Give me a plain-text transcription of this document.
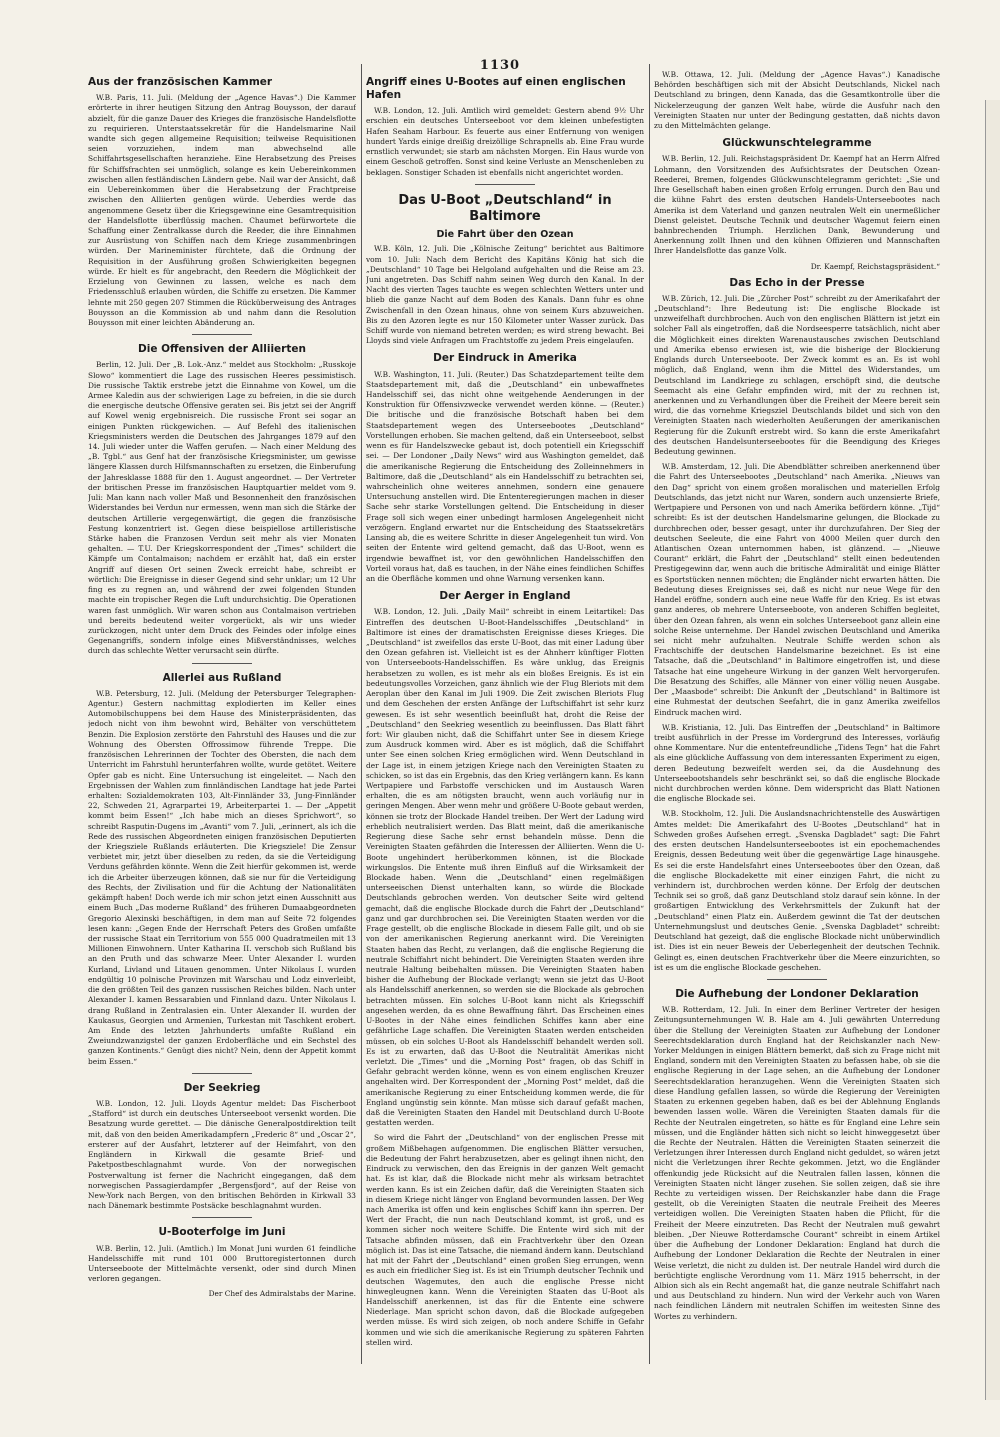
1130
Aus der französischen Kammer

W.B. Paris, 11. Juli. (Meldung der „Agence Havas“.) Die Kammer erörterte in ihrer heutigen Sitzung den Antrag Bouysson, der darauf abzielt, für die ganze Dauer des Krieges die französische Handelsflotte zu requirieren. Unterstaatssekretär für die Handelsmarine Nail wandte sich gegen allgemeine Requisition; teilweise Requisitionen seien vorzuziehen, indem man abwechselnd alle Schiffahrtsgesellschaften heranziehe. Eine Herabsetzung des Preises für Schiffsfrachten sei unmöglich, solange es kein Uebereinkommen zwischen allen festländischen Ländern gebe. Nail war der Ansicht, daß ein Uebereinkommen über die Herabsetzung der Frachtpreise zwischen den Alliierten genügen würde. Ueberdies werde das angenommene Gesetz über die Kriegsgewinne eine Gesamtrequisition der Handelsflotte überflüssig machen. Chaumet befürwortete die Schaffung einer Zentralkasse durch die Reeder, die ihre Einnahmen zur Ausrüstung von Schiffen nach dem Kriege zusammenbringen würden. Der Marineminister fürchtete, daß die Ordnung der Requisition in der Ausführung großen Schwierigkeiten begegnen würde. Er hielt es für angebracht, den Reedern die Möglichkeit der Erzielung von Gewinnen zu lassen, welche es nach dem Friedensschluß erlauben würden, die Schiffe zu ersetzen. Die Kammer lehnte mit 250 gegen 207 Stimmen die Rücküberweisung des Antrages Bouysson an die Kommission ab und nahm dann die Resolution Bouysson mit einer leichten Abänderung an.

Die Offensiven der Alliierten

Berlin, 12. Juli. Der „B. Lok.-Anz.“ meldet aus Stockholm: „Russkoje Slowo“ kommentiert die Lage des russischen Heeres pessimistisch. Die russische Taktik erstrebe jetzt die Einnahme von Kowel, um die Armee Kaledin aus der schwierigen Lage zu befreien, in die sie durch die energische deutsche Offensive geraten sei. Bis jetzt sei der Angriff auf Kowel wenig ergebnisreich. Die russische Front sei sogar an einigen Punkten rückgewichen. — Auf Befehl des italienischen Kriegsministers werden die Deutschen des Jahrganges 1879 auf den 14. Juli wieder unter die Waffen gerufen. — Nach einer Meldung des „B. Tgbl.“ aus Genf hat der französische Kriegsminister, um gewisse längere Klassen durch Hilfsmannschaften zu ersetzen, die Einberufung der Jahresklasse 1888 für den 1. August angeordnet. — Der Vertreter der britischen Presse im französischen Hauptquartier meldet vom 9. Juli: Man kann nach voller Maß und Besonnenheit den französischen Widerstandes bei Verdun nur ermessen, wenn man sich die Stärke der deutschen Artillerie vergegenwärtigt, die gegen die französische Festung konzentriert ist. Gegen diese beispiellose artilleristische Stärke haben die Franzosen Verdun seit mehr als vier Monaten gehalten. — T.U. Der Kriegskorrespondent der „Times“ schildert die Kämpfe um Contalmaison; nachdem er erzählt hat, daß ein erster Angriff auf diesen Ort seinen Zweck erreicht habe, schreibt er wörtlich: Die Ereignisse in dieser Gegend sind sehr unklar; um 12 Uhr fing es zu regnen an, und während der zwei folgenden Stunden machte ein tropischer Regen die Luft undurchsichtig. Die Operationen waren fast unmöglich. Wir waren schon aus Contalmaison vertrieben und bereits bedeutend weiter vorgerückt, als wir uns wieder zurückzogen, nicht unter dem Druck des Feindes oder infolge eines Gegenangriffs, sondern infolge eines Mißverständnisses, welches durch das schlechte Wetter verursacht sein dürfte.

Allerlei aus Rußland

W.B. Petersburg, 12. Juli. (Meldung der Petersburger Telegraphen-Agentur.) Gestern nachmittag explodierten im Keller eines Automobilschuppens bei dem Hause des Ministerpräsidenten, das jedoch nicht von ihm bewohnt wird, Behälter von verschüttetem Benzin. Die Explosion zerstörte den Fahrstuhl des Hauses und die zur Wohnung des Obersten Offrossimow führende Treppe. Die französischen Lehrerinnen der Tochter des Obersten, die nach dem Unterricht im Fahrstuhl herunterfahren wollte, wurde getötet. Weitere Opfer gab es nicht. Eine Untersuchung ist eingeleitet. — Nach den Ergebnissen der Wahlen zum finnländischen Landtage hat jede Partei erhalten: Sozialdemokraten 103, Alt-Finnländer 33, Jung-Finnländer 22, Schweden 21, Agrarpartei 19, Arbeiterpartei 1. — Der „Appetit kommt beim Essen!“ „Ich habe mich an dieses Sprichwort“, so schreibt Rasputin-Dugens im „Avanti“ vom 7. Juli, „erinnert, als ich die Rede des russischen Abgeordneten einigen französischen Deputierten der Kriegsziele Rußlands erläuterten. Die Kriegsziele! Die Zensur verbietet mir, jetzt über dieselben zu reden, da sie die Verteidigung Verduns gefährden könnte. Wenn die Zeit hierfür gekommen ist, werde ich die Arbeiter überzeugen können, daß sie nur für die Verteidigung des Rechts, der Zivilisation und für die Achtung der Nationalitäten gekämpft haben! Doch werde ich mir schon jetzt einen Ausschnitt aus einem Buch „Das moderne Rußland“ des früheren Dumaabgeordneten Gregorio Alexinski beschäftigen, in dem man auf Seite 72 folgendes lesen kann: „Gegen Ende der Herrschaft Peters des Großen umfaßte der russische Staat ein Territorium von 555 000 Quadratmeilen mit 13 Millionen Einwohnern. Unter Katharina II. verschob sich Rußland bis an den Pruth und das schwarze Meer. Unter Alexander I. wurden Kurland, Livland und Litauen genommen. Unter Nikolaus I. wurden endgültig 10 polnische Provinzen mit Warschau und Lodz einverleibt, die den größten Teil des ganzen russischen Reiches bilden. Nach unter Alexander I. kamen Bessarabien und Finnland dazu. Unter Nikolaus I. drang Rußland in Zentralasien ein. Unter Alexander II. wurden der Kaukasus, Georgien und Armenien, Turkestan mit Taschkent erobert. Am Ende des letzten Jahrhunderts umfaßte Rußland ein Zweiundzwanzigstel der ganzen Erdoberfläche und ein Sechstel des ganzen Kontinents.“ Genügt dies nicht? Nein, denn der Appetit kommt beim Essen.“

Der Seekrieg

W.B. London, 12. Juli. Lloyds Agentur meldet: Das Fischerboot „Stafford“ ist durch ein deutsches Unterseeboot versenkt worden. Die Besatzung wurde gerettet. — Die dänische Generalpostdirektion teilt mit, daß von den beiden Amerikadampfern „Frederic 8“ und „Oscar 2“, ersterer auf der Ausfahrt, letzterer auf der Heimfahrt, von den Engländern in Kirkwall die gesamte Brief- und Paketpostbeschlagnahmt wurde. Von der norwegischen Postverwaltung ist ferner die Nachricht eingegangen, daß dem norwegischen Passagierdampfer „Bergensfjord“, auf der Reise von New-York nach Bergen, von den britischen Behörden in Kirkwall 33 nach Dänemark bestimmte Postsäcke beschlagnahmt wurden.

U-Booterfolge im Juni

W.B. Berlin, 12. Juli. (Amtlich.) Im Monat Juni wurden 61 feindliche Handelsschiffe mit rund 101 000 Bruttoregistertonnen durch Unterseeboote der Mittelmächte versenkt, oder sind durch Minen verloren gegangen.

Der Chef des Admiralstabs der Marine.
Angriff eines U-Bootes auf einen englischen Hafen

W.B. London, 12. Juli. Amtlich wird gemeldet: Gestern abend 9½ Uhr erschien ein deutsches Unterseeboot vor dem kleinen unbefestigten Hafen Seaham Harbour. Es feuerte aus einer Entfernung von wenigen hundert Yards einige dreißig dreizöllige Schrapnells ab. Eine Frau wurde ernstlich verwundet; sie starb am nächsten Morgen. Ein Haus wurde von einem Geschoß getroffen. Sonst sind keine Verluste an Menschenleben zu beklagen. Sonstiger Schaden ist ebenfalls nicht angerichtet worden.

Das U-Boot „Deutschland“ in Baltimore
Die Fahrt über den Ozean

W.B. Köln, 12. Juli. Die „Kölnische Zeitung“ berichtet aus Baltimore vom 10. Juli: Nach dem Bericht des Kapitäns König hat sich die „Deutschland“ 10 Tage bei Helgoland aufgehalten und die Reise am 23. Juni angetreten. Das Schiff nahm seinen Weg durch den Kanal. In der Nacht des vierten Tages tauchte es wegen schlechten Wetters unter und blieb die ganze Nacht auf dem Boden des Kanals. Dann fuhr es ohne Zwischenfall in den Ozean hinaus, ohne von seinem Kurs abzuweichen. Bis zu den Azoren legte es nur 150 Kilometer unter Wasser zurück. Das Schiff wurde von niemand betreten werden; es wird streng bewacht. Bei Lloyds sind viele Anfragen um Frachtstoffe zu jedem Preis eingelaufen.

Der Eindruck in Amerika

W.B. Washington, 11. Juli. (Reuter.) Das Schatzdepartement teilte dem Staatsdepartement mit, daß die „Deutschland“ ein unbewaffnetes Handelsschiff sei, das nicht ohne weitgehende Aenderungen in der Konstruktion für Offensivzwecke verwendet werden könne. — (Reuter.) Die britische und die französische Botschaft haben bei dem Staatsdepartement wegen des Unterseebootes „Deutschland“ Vorstellungen erhoben. Sie machen geltend, daß ein Unterseeboot, selbst wenn es für Handelszwecke gebaut ist, doch potentiell ein Kriegsschiff sei. — Der Londoner „Daily News“ wird aus Washington gemeldet, daß die amerikanische Regierung die Entscheidung des Zolleinnehmers in Baltimore, daß die „Deutschland“ als ein Handelsschiff zu betrachten sei, wahrscheinlich ohne weiteres annehmen, sondern eine genauere Untersuchung anstellen wird. Die Ententeregierungen machen in dieser Sache sehr starke Vorstellungen geltend. Die Entscheidung in dieser Frage soll sich wegen einer unbedingt harmlosen Angelegenheit nicht verzögern. England erwartet nur die Entscheidung des Staatssekretärs Lansing ab, die es weitere Schritte in dieser Angelegenheit tun wird. Von seiten der Entente wird geltend gemacht, daß das U-Boot, wenn es irgendwie bewaffnet ist, vor den gewöhnlichen Handelsschiffen den Vorteil voraus hat, daß es tauchen, in der Nähe eines feindlichen Schiffes an die Oberfläche kommen und ohne Warnung versenken kann.

Der Aerger in England

W.B. London, 12. Juli. „Daily Mail“ schreibt in einem Leitartikel: Das Eintreffen des deutschen U-Boot-Handelsschiffes „Deutschland“ in Baltimore ist eines der dramatischsten Ereignisse dieses Krieges. Die „Deutschland“ ist zweifellos das erste U-Boot, das mit einer Ladung über den Ozean gefahren ist. Vielleicht ist es der Ahnherr künftiger Flotten von Unterseeboots-Handelsschiffen. Es wäre unklug, das Ereignis herabsetzen zu wollen, es ist mehr als ein bloßes Ereignis. Es ist ein bedeutungsvolles Vorzeichen, ganz ähnlich wie der Flug Bleriots mit dem Aeroplan über den Kanal im Juli 1909. Die Zeit zwischen Bleriots Flug und dem Geschehen der ersten Anfänge der Luftschiffahrt ist sehr kurz gewesen. Es ist sehr wesentlich beeinflußt hat, droht die Reise der „Deutschland“ den Seekrieg wesentlich zu beeinflussen. Das Blatt fährt fort: Wir glauben nicht, daß die Schiffahrt unter See in diesem Kriege zum Ausdruck kommen wird. Aber es ist möglich, daß die Schiffahrt unter See einen solchen Krieg ermöglichen wird. Wenn Deutschland in der Lage ist, in einem jetzigen Kriege nach den Vereinigten Staaten zu schicken, so ist das ein Ergebnis, das den Krieg verlängern kann. Es kann Wertpapiere und Farbstoffe verschicken und im Austausch Waren erhalten, die es am nötigsten braucht, wenn auch vorläufig nur in geringen Mengen. Aber wenn mehr und größere U-Boote gebaut werden, können sie trotz der Blockade Handel treiben. Der Wert der Ladung wird erheblich neutralisiert werden. Das Blatt meint, daß die amerikanische Regierung diese Sache sehr ernst behandeln müsse. Denn die Vereinigten Staaten gefährden die Interessen der Alliierten. Wenn die U-Boote ungehindert herüberkommen können, ist die Blockade wirkungslos. Die Entente muß ihren Einfluß auf die Wirksamkeit der Blockade haben. Wenn die „Deutschland“ einen regelmäßigen unterseeischen Dienst unterhalten kann, so würde die Blockade Deutschlands gebrochen werden. Von deutscher Seite wird geltend gemacht, daß die englische Blockade durch die Fahrt der „Deutschland“ ganz und gar durchbrochen sei. Die Vereinigten Staaten werden vor die Frage gestellt, ob die englische Blockade in diesem Falle gilt, und ob sie von der amerikanischen Regierung anerkannt wird. Die Vereinigten Staaten haben das Recht, zu verlangen, daß die englische Regierung die neutrale Schiffahrt nicht behindert. Die Vereinigten Staaten werden ihre neutrale Haltung beibehalten müssen. Die Vereinigten Staaten haben bisher die Aufhebung der Blockade verlangt; wenn sie jetzt das U-Boot als Handelsschiff anerkennen, so werden sie die Blockade als gebrochen betrachten müssen. Ein solches U-Boot kann nicht als Kriegsschiff angesehen werden, da es ohne Bewaffnung fährt. Das Erscheinen eines U-Bootes in der Nähe eines feindlichen Schiffes kann aber eine gefährliche Lage schaffen. Die Vereinigten Staaten werden entscheiden müssen, ob ein solches U-Boot als Handelsschiff behandelt werden soll. Es ist zu erwarten, daß das U-Boot die Neutralität Amerikas nicht verletzt. Die „Times“ und die „Morning Post“ fragen, ob das Schiff in Gefahr gebracht werden könne, wenn es von einem englischen Kreuzer angehalten wird. Der Korrespondent der „Morning Post“ meldet, daß die amerikanische Regierung zu einer Entscheidung kommen werde, die für England ungünstig sein könnte. Man müsse sich darauf gefaßt machen, daß die Vereinigten Staaten den Handel mit Deutschland durch U-Boote gestatten werden.

So wird die Fahrt der „Deutschland“ von der englischen Presse mit großem Mißbehagen aufgenommen. Die englischen Blätter versuchen, die Bedeutung der Fahrt herabzusetzen, aber es gelingt ihnen nicht, den Eindruck zu verwischen, den das Ereignis in der ganzen Welt gemacht hat. Es ist klar, daß die Blockade nicht mehr als wirksam betrachtet werden kann. Es ist ein Zeichen dafür, daß die Vereinigten Staaten sich in diesem Kriege nicht länger von England bevormunden lassen. Der Weg nach Amerika ist offen und kein englisches Schiff kann ihn sperren. Der Wert der Fracht, die nun nach Deutschland kommt, ist groß, und es kommen sicher noch weitere Schiffe. Die Entente wird sich mit der Tatsache abfinden müssen, daß ein Frachtverkehr über den Ozean möglich ist. Das ist eine Tatsache, die niemand ändern kann. Deutschland hat mit der Fahrt der „Deutschland“ einen großen Sieg errungen, wenn es auch ein friedlicher Sieg ist. Es ist ein Triumph deutscher Technik und deutschen Wagemutes, den auch die englische Presse nicht hinwegleugnen kann. Wenn die Vereinigten Staaten das U-Boot als Handelsschiff anerkennen, ist das für die Entente eine schwere Niederlage. Man spricht schon davon, daß die Blockade aufgegeben werden müsse. Es wird sich zeigen, ob noch andere Schiffe in Gefahr kommen und wie sich die amerikanische Regierung zu späteren Fahrten stellen wird.

W.B. Ottawa, 12. Juli. (Meldung der „Agence Havas“.) Kanadische Behörden beschäftigen sich mit der Absicht Deutschlands, Nickel nach Deutschland zu bringen, denn Kanada, das die Gesamtkontrolle über die Nickelerzeugung der ganzen Welt habe, würde die Ausfuhr nach den Vereinigten Staaten nur unter der Bedingung gestatten, daß nichts davon zu den Mittelmächten gelange.

Glückwunschtelegramme

W.B. Berlin, 12. Juli. Reichstagspräsident Dr. Kaempf hat an Herrn Alfred Lohmann, den Vorsitzenden des Aufsichtsrates der Deutschen Ozean-Reederei, Bremen, folgendes Glückwunschtelegramm gerichtet: „Sie und Ihre Gesellschaft haben einen großen Erfolg errungen. Durch den Bau und die kühne Fahrt des ersten deutschen Handels-Unterseebootes nach Amerika ist dem Vaterland und ganzen neutralen Welt ein unermeßlicher Dienst geleistet. Deutsche Technik und deutscher Wagemut feiern einen bahnbrechenden Triumph. Herzlichen Dank, Bewunderung und Anerkennung zollt Ihnen und den kühnen Offizieren und Mannschaften Ihrer Handelsflotte das ganze Volk.

Dr. Kaempf, Reichstagspräsident.“
Das Echo in der Presse

W.B. Zürich, 12. Juli. Die „Zürcher Post“ schreibt zu der Amerikafahrt der „Deutschland“: Ihre Bedeutung ist: Die englische Blockade ist unzweifelhaft durchbrochen. Auch von den englischen Blättern ist jetzt ein solcher Fall als eingetroffen, daß die Nordseesperre tatsächlich, nicht aber die Möglichkeit eines direkten Warenaustausches zwischen Deutschland und Amerika ebenso erwiesen ist, wie die bisherige der Blockierung Englands durch Unterseeboote. Der Zweck kommt es an. Es ist wohl möglich, daß England, wenn ihm die Mittel des Widerstandes, um Deutschland im Landkriege zu schlagen, erschöpft sind, die deutsche Seemacht als eine Gefahr empfinden wird, mit der zu rechnen ist, anerkennen und zu Verhandlungen über die Freiheit der Meere bereit sein wird, die das vornehme Kriegsziel Deutschlands bildet und sich von den Vereinigten Staaten nach wiederholten Aeußerungen der amerikanischen Regierung für die Zukunft erstrebt wird. So kann die erste Amerikafahrt des deutschen Handelsunterseebootes für die Beendigung des Krieges Bedeutung gewinnen.

W.B. Amsterdam, 12. Juli. Die Abendblätter schreiben anerkennend über die Fahrt des Unterseebootes „Deutschland“ nach Amerika. „Nieuws van den Dag“ spricht von einem großen moralischen und materiellen Erfolg Deutschlands, das jetzt nicht nur Waren, sondern auch unzensierte Briefe, Wertpapiere und Personen von und nach Amerika befördern könne. „Tijd“ schreibt: Es ist der deutschen Handelsmarine gelungen, die Blockade zu durchbrechen oder, besser gesagt, unter ihr durchzufahren. Der Sieg der deutschen Seeleute, die eine Fahrt von 4000 Meilen quer durch den Atlantischen Ozean unternommen haben, ist glänzend. — „Nieuwe Courant“ erklärt, die Fahrt der „Deutschland“ stellt einen bedeutenden Prestigegewinn dar, wenn auch die britische Admiralität und einige Blätter es Sportstücken nennen möchten; die Engländer nicht erwarten hätten. Die Bedeutung dieses Ereignisses sei, daß es nicht nur neue Wege für den Handel eröffne, sondern auch eine neue Waffe für den Krieg. Es ist etwas ganz anderes, ob mehrere Unterseeboote, von anderen Schiffen begleitet, über den Ozean fahren, als wenn ein solches Unterseeboot ganz allein eine solche Reise unternehme. Der Handel zwischen Deutschland und Amerika sei nicht mehr aufzuhalten. Neutrale Schiffe werden schon als Frachtschiffe der deutschen Handelsmarine bezeichnet. Es ist eine Tatsache, daß die „Deutschland“ in Baltimore eingetroffen ist, und diese Tatsache hat eine ungeheure Wirkung in der ganzen Welt hervorgerufen. Die Besatzung des Schiffes, alle Männer von einer völlig neuen Ausgabe. Der „Maasbode“ schreibt: Die Ankunft der „Deutschland“ in Baltimore ist eine Ruhmestat der deutschen Seefahrt, die in ganz Amerika zweifellos Eindruck machen wird.

W.B. Kristiania, 12. Juli. Das Eintreffen der „Deutschland“ in Baltimore treibt ausführlich in der Presse im Vordergrund des Interesses, vorläufig ohne Kommentare. Nur die ententefreundliche „Tidens Tegn“ hat die Fahrt als eine glückliche Auffassung von dem interessanten Experiment zu eigen, deren Bedeutung bezweifelt werden sei, da die Ausdehnung des Unterseebootshandels sehr beschränkt sei, so daß die englische Blockade nicht durchbrochen werden könne. Dem widerspricht das Blatt Nationen die englische Blockade sei.

W.B. Stockholm, 12. Juli. Die Auslandsnachrichtenstelle des Auswärtigen Amtes meldet: Die Amerikafahrt des U-Bootes „Deutschland“ hat in Schweden großes Aufsehen erregt. „Svenska Dagbladet“ sagt: Die Fahrt des ersten deutschen Handelsunterseebootes ist ein epochemachendes Ereignis, dessen Bedeutung weit über die gegenwärtige Lage hinausgehe. Es sei die erste Handelsfahrt eines Unterseebootes über den Ozean, daß die englische Blockadekette mit einer einzigen Fahrt, die nicht zu verhindern ist, durchbrochen werden könne. Der Erfolg der deutschen Technik sei so groß, daß ganz Deutschland stolz darauf sein könne. In der großartigen Entwicklung des Verkehrsmittels der Zukunft hat der „Deutschland“ einen Platz ein. Außerdem gewinnt die Tat der deutschen Unternehmungslust und deutsches Genie. „Svenska Dagbladet“ schreibt: Deutschland hat gezeigt, daß die englische Blockade nicht unüberwindlich ist. Dies ist ein neuer Beweis der Ueberlegenheit der deutschen Technik. Gelingt es, einen deutschen Frachtverkehr über die Meere einzurichten, so ist es um die englische Blockade geschehen.

Die Aufhebung der Londoner Deklaration

W.B. Rotterdam, 12. Juli. In einer dem Berliner Vertreter der hesigen Zeitungsunternehmungen W. B. Hale am 4. Juli gewährten Unterredung über die Stellung der Vereinigten Staaten zur Aufhebung der Londoner Seerechtsdeklaration durch England hat der Reichskanzler nach New-Yorker Meldungen in einigen Blättern bemerkt, daß sich zu Frage nicht mit England, sondern mit den Vereinigten Staaten zu befassen habe, ob sie die englische Regierung in der Lage sehen, an die Aufhebung der Londoner Seerechtsdeklaration heranzugehen. Wenn die Vereinigten Staaten sich diese Handlung gefallen lassen, so würde die Regierung der Vereinigten Staaten zu erkennen gegeben haben, daß es bei der Ablehnung Englands bewenden lassen wolle. Wären die Vereinigten Staaten damals für die Rechte der Neutralen eingetreten, so hätte es für England eine Lehre sein müssen, und die Engländer hätten sich nicht so leicht hinweggesetzt über die Rechte der Neutralen. Hätten die Vereinigten Staaten seinerzeit die Verletzungen ihrer Interessen durch England nicht geduldet, so wären jetzt nicht die Verletzungen ihrer Rechte gekommen. Jetzt, wo die Engländer offenkundig jede Rücksicht auf die Neutralen fallen lassen, können die Vereinigten Staaten nicht länger zusehen. Sie sollen zeigen, daß sie ihre Rechte zu verteidigen wissen. Der Reichskanzler habe dann die Frage gestellt, ob die Vereinigten Staaten die neutrale Freiheit des Meeres verteidigen wollen. Die Vereinigten Staaten haben die Pflicht, für die Freiheit der Meere einzutreten. Das Recht der Neutralen muß gewahrt bleiben. „Der Nieuwe Rotterdamsche Courant“ schreibt in einem Artikel über die Aufhebung der Londoner Deklaration: England hat durch die Aufhebung der Londoner Deklaration die Rechte der Neutralen in einer Weise verletzt, die nicht zu dulden ist. Der neutrale Handel wird durch die berüchtigte englische Verordnung vom 11. März 1915 beherrscht, in der Albion sich als ein Recht angemaßt hat, die ganze neutrale Schiffahrt nach und aus Deutschland zu hindern. Nun wird der Verkehr auch von Waren nach feindlichen Ländern mit neutralen Schiffen im weitesten Sinne des Wortes zu verhindern.
